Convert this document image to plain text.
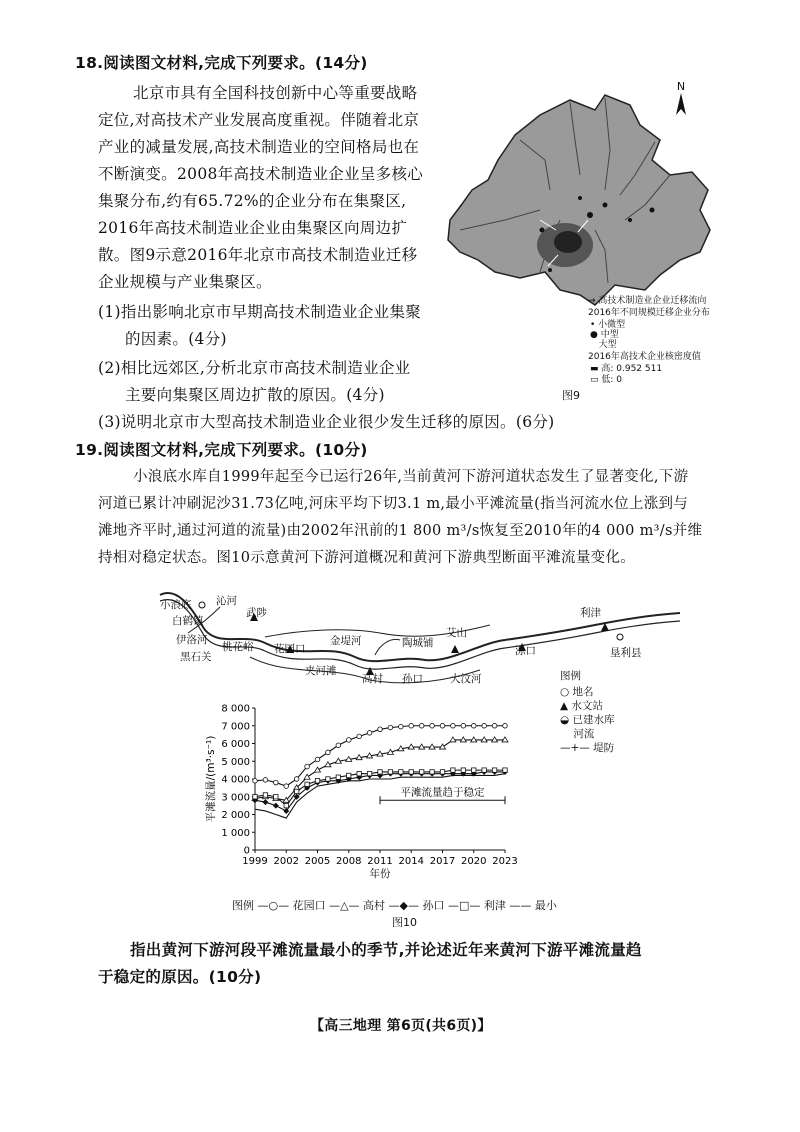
18.阅读图文材料,完成下列要求。(14分)
北京市具有全国科技创新中心等重要战略
定位,对高技术产业发展高度重视。伴随着北京
产业的减量发展,高技术制造业的空间格局也在
不断演变。2008年高技术制造业企业呈多核心
集聚分布,约有65.72%的企业分布在集聚区,
2016年高技术制造业企业由集聚区向周边扩
散。图9示意2016年北京市高技术制造业迁移
企业规模与产业集聚区。
(1)指出影响北京市早期高技术制造业企业集聚
的因素。(4分)
(2)相比远郊区,分析北京市高技术制造业企业
主要向集聚区周边扩散的原因。(4分)
(3)说明北京市大型高技术制造业企业很少发生迁移的原因。(6分)
N
→ 高技术制造业企业迁移流向
2016年不同规模迁移企业分布
• 小微型
● 中型
大型
2016年高技术企业核密度值
▬ 高: 0.952 511
▭ 低: 0
图9
19.阅读图文材料,完成下列要求。(10分)
小浪底水库自1999年起至今已运行26年,当前黄河下游河道状态发生了显著变化,下游
河道已累计冲刷泥沙31.73亿吨,河床平均下切3.1 m,最小平滩流量(指当河流水位上涨到与
滩地齐平时,通过河道的流量)由2002年汛前的1 800 m³/s恢复至2010年的4 000 m³/s并维
持相对稳定状态。图10示意黄河下游河道概况和黄河下游典型断面平滩流量变化。
小浪底 沁河
白鹤镇
武陟
伊洛河
黑石关
桃花峪 花园口
金堤河
夹河滩
高村 孙口
陶城铺
艾山
大汶河
泺口
利津
垦利县
图例
○ 地名
▲ 水文站
◒ 已建水库
河流
—+— 堤防
0
1 000
2 000
3 000
4 000
5 000
6 000
7 000
8 000
1999 2002 2005 2008 2011 2014 2017 2020 2023
年份
平滩流量/(m³·s⁻¹)	平滩流量趋于稳定
图例 —○— 花园口 —△— 高村 —◆— 孙口 —□— 利津 —— 最小
图10
指出黄河下游河段平滩流量最小的季节,并论述近年来黄河下游平滩流量趋
于稳定的原因。(10分)
【高三地理 第6页(共6页)】
